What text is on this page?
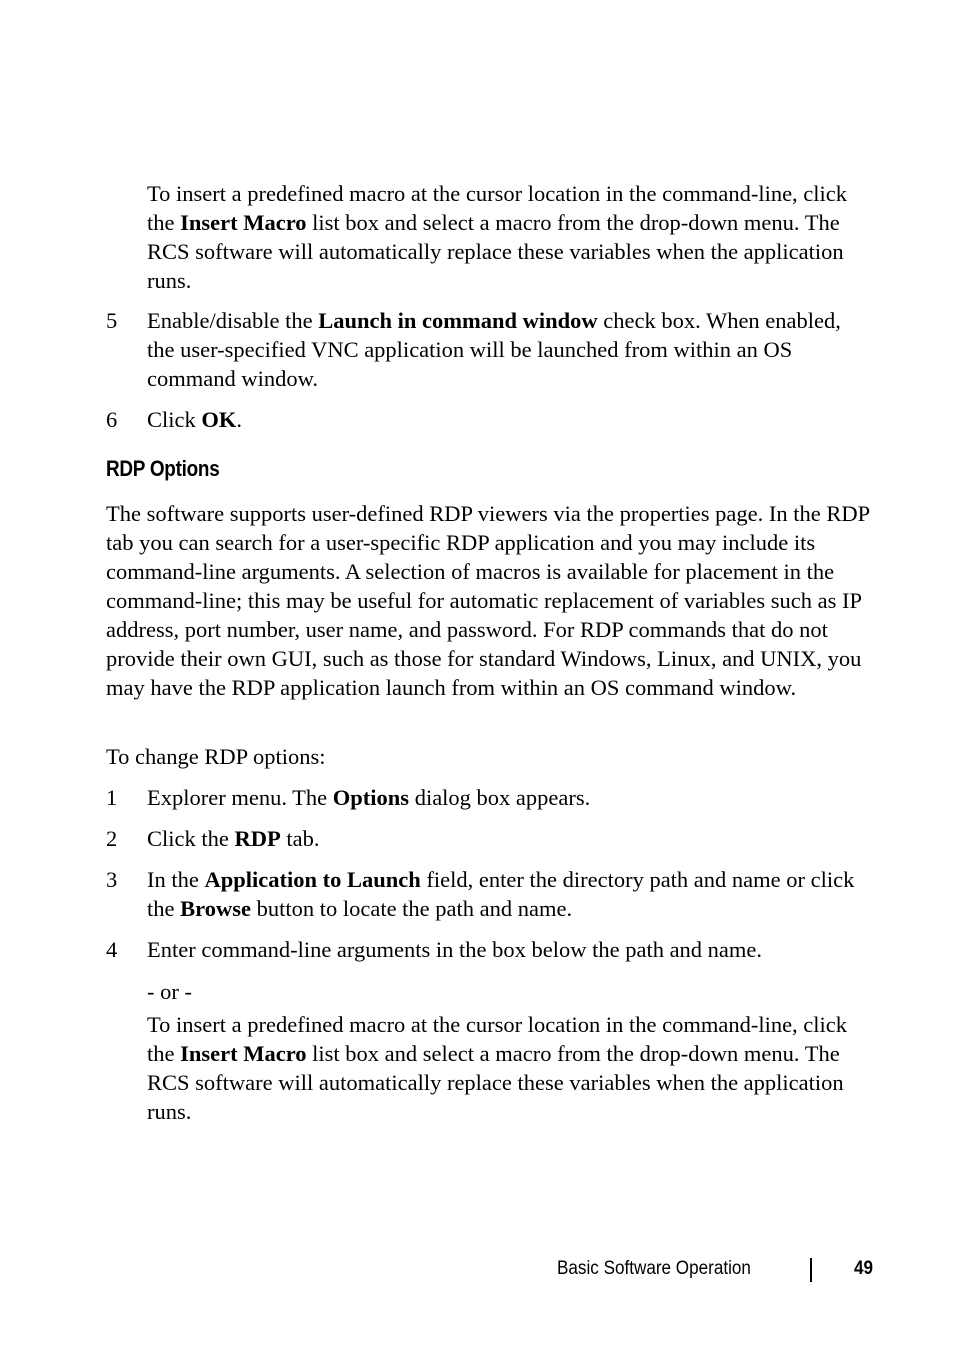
To insert a predefined macro at the cursor location in the command-line, click the Insert Macro list box and select a macro from the drop-down menu. The RCS software will automatically replace these variables when the application runs.

5	Enable/disable the Launch in command window check box. When enabled, the user-specified VNC application will be launched from within an OS command window.
6	Click OK.
RDP Options

The software supports user-defined RDP viewers via the properties page. In the RDP tab you can search for a user-specific RDP application and you may include its command-line arguments. A selection of macros is available for placement in the command-line; this may be useful for automatic replacement of variables such as IP address, port number, user name, and password. For RDP commands that do not provide their own GUI, such as those for standard Windows, Linux, and UNIX, you may have the RDP application launch from within an OS command window.

To change RDP options:

1	Explorer menu. The Options dialog box appears.
2	Click the RDP tab.
3	In the Application to Launch field, enter the directory path and name or click the Browse button to locate the path and name.
4	Enter command-line arguments in the box below the path and name.

- or -

To insert a predefined macro at the cursor location in the command-line, click the Insert Macro list box and select a macro from the drop-down menu. The RCS software will automatically replace these variables when the application runs.

Basic Software Operation	49
